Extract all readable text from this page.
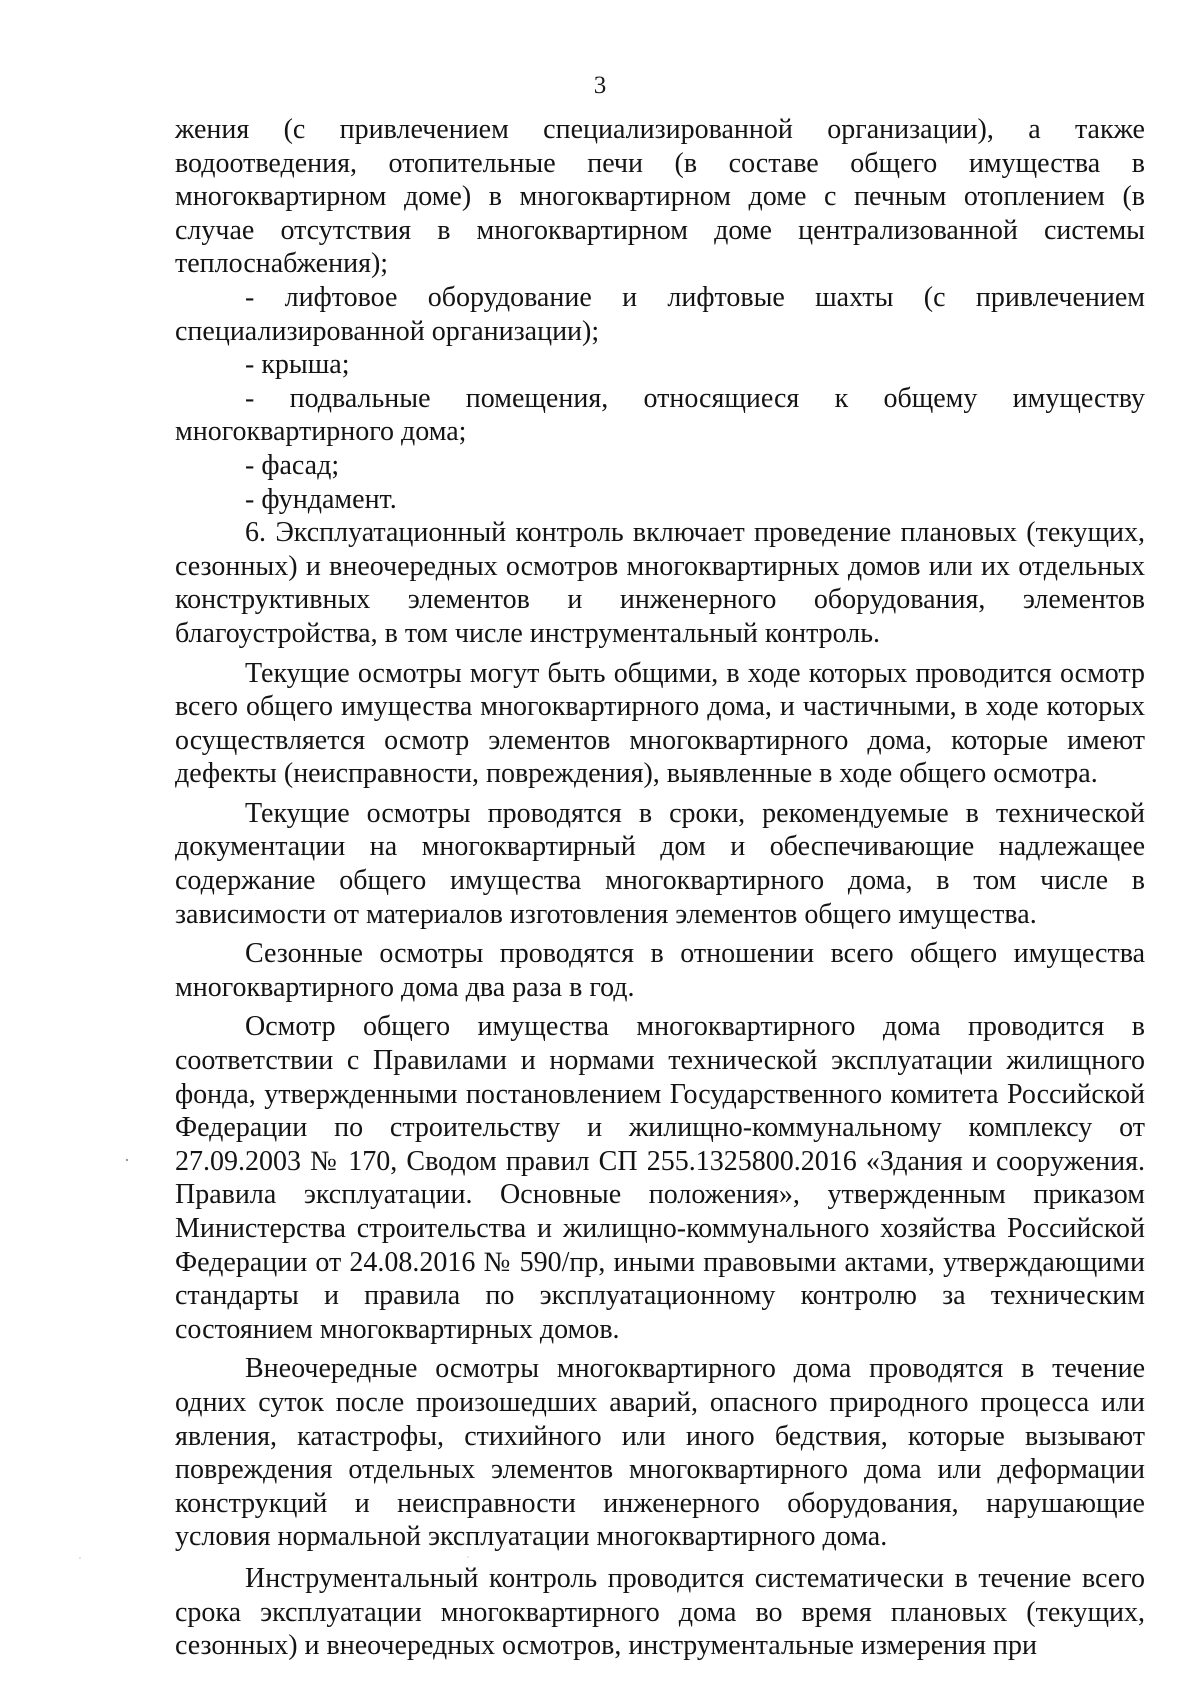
3

жения (с привлечением специализированной организации), а также водоотведения, отопительные печи (в составе общего имущества в многоквартирном доме) в многоквартирном доме с печным отоплением (в случае отсутствия в многоквартирном доме централизованной системы теплоснабжения);

- лифтовое оборудование и лифтовые шахты (с привлечением специализированной организации);

- крыша;

- подвальные помещения, относящиеся к общему имуществу многоквартирного дома;

- фасад;

- фундамент.

6. Эксплуатационный контроль включает проведение плановых (текущих, сезонных) и внеочередных осмотров многоквартирных домов или их отдельных конструктивных элементов и инженерного оборудования, элементов благоустройства, в том числе инструментальный контроль.

Текущие осмотры могут быть общими, в ходе которых проводится осмотр всего общего имущества многоквартирного дома, и частичными, в ходе которых осуществляется осмотр элементов многоквартирного дома, которые имеют дефекты (неисправности, повреждения), выявленные в ходе общего осмотра.

Текущие осмотры проводятся в сроки, рекомендуемые в технической документации на многоквартирный дом и обеспечивающие надлежащее содержание общего имущества многоквартирного дома, в том числе в зависимости от материалов изготовления элементов общего имущества.

Сезонные осмотры проводятся в отношении всего общего имущества многоквартирного дома два раза в год.

Осмотр общего имущества многоквартирного дома проводится в соответствии с Правилами и нормами технической эксплуатации жилищного фонда, утвержденными постановлением Государственного комитета Российской Федерации по строительству и жилищно-коммунальному комплексу от 27.09.2003 № 170, Сводом правил СП 255.1325800.2016 «Здания и сооружения. Правила эксплуатации. Основные положения», утвержденным приказом Министерства строительства и жилищно-коммунального хозяйства Российской Федерации от 24.08.2016 № 590/пр, иными правовыми актами, утверждающими стандарты и правила по эксплуатационному контролю за техническим состоянием многоквартирных домов.

Внеочередные осмотры многоквартирного дома проводятся в течение одних суток после произошедших аварий, опасного природного процесса или явления, катастрофы, стихийного или иного бедствия, которые вызывают повреждения отдельных элементов многоквартирного дома или деформации конструкций и неисправности инженерного оборудования, нарушающие условия нормальной эксплуатации многоквартирного дома.

Инструментальный контроль проводится систематически в течение всего срока эксплуатации многоквартирного дома во время плановых (текущих, сезонных) и внеочередных осмотров, инструментальные измерения при
